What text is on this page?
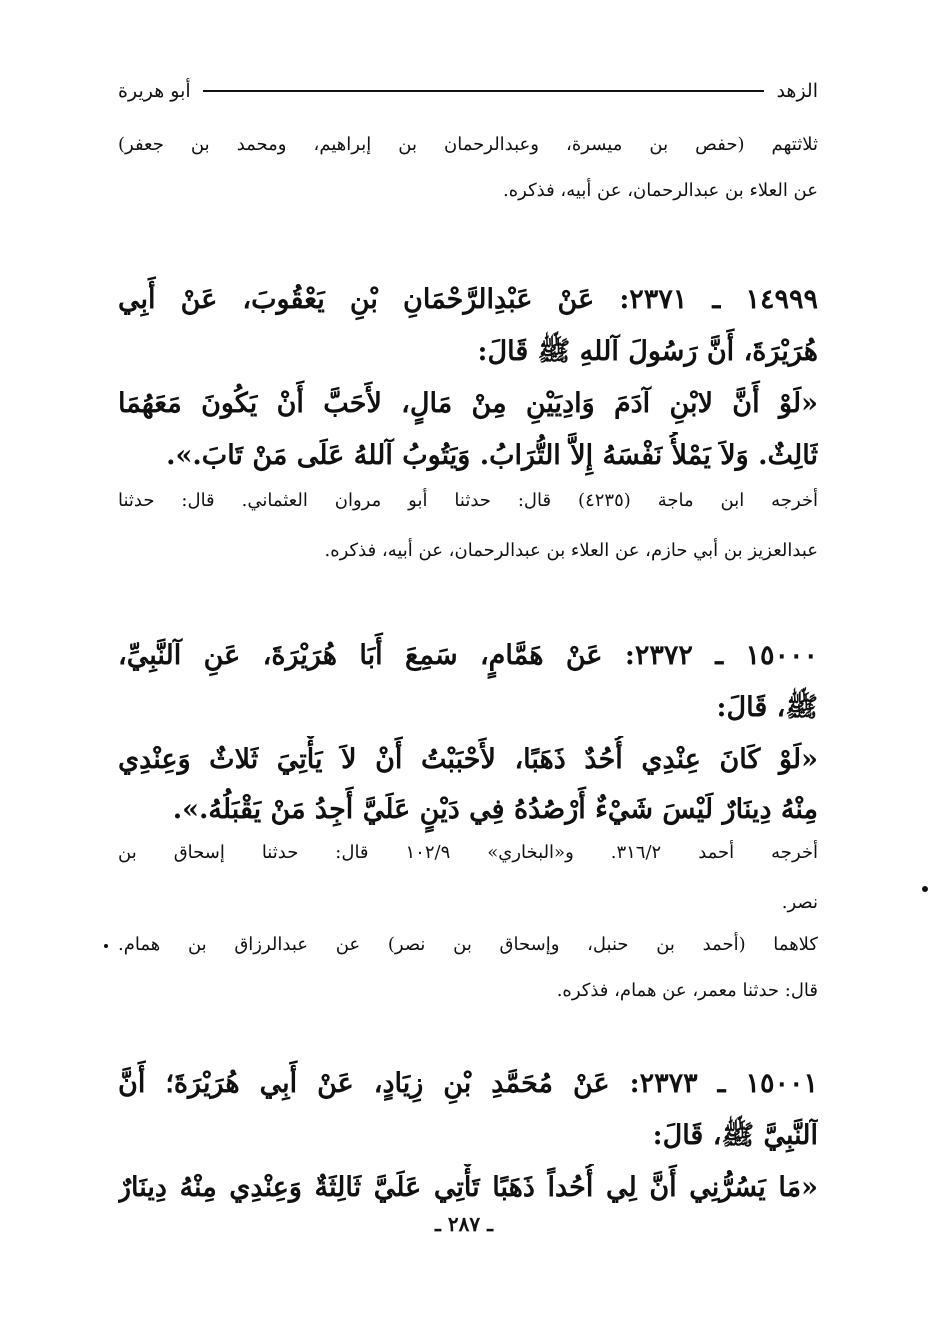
الزهد
أبو هريرة
ثلاثتهم (حفص بن ميسرة، وعبدالرحمان بن إبراهيم، ومحمد بن جعفر)
عن العلاء بن عبدالرحمان، عن أبيه، فذكره.
١٤٩٩٩ ـ ٢٣٧١: عَنْ عَبْدِالرَّحْمَانِ بْنِ يَعْقُوبَ، عَنْ أَبِي
هُرَيْرَةَ، أَنَّ رَسُولَ آللهِ ﷺ قَالَ:
«لَوْ أَنَّ لابْنِ آدَمَ وَادِيَيْنِ مِنْ مَالٍ، لأَحَبَّ أَنْ يَكُونَ مَعَهُمَا
ثَالِثٌ. وَلاَ يَمْلأُ نَفْسَهُ إِلاَّ التُّرَابُ. وَيَتُوبُ آللهُ عَلَى مَنْ تَابَ.».
أخرجه ابن ماجة (٤٢٣٥) قال: حدثنا أبو مروان العثماني. قال: حدثنا
عبدالعزيز بن أبي حازم، عن العلاء بن عبدالرحمان، عن أبيه، فذكره.
١٥٠٠٠ ـ ٢٣٧٢: عَنْ هَمَّامٍ، سَمِعَ أَبَا هُرَيْرَةَ، عَنِ آلنَّبِيِّ،
ﷺ، قَالَ:
«لَوْ كَانَ عِنْدِي أُحُدٌ ذَهَبًا، لأَحْبَبْتُ أَنْ لاَ يَأْتِيَ ثَلاثٌ وَعِنْدِي
مِنْهُ دِينَارٌ لَيْسَ شَيْءٌ أَرْصُدُهُ فِي دَيْنٍ عَلَيَّ أَجِدُ مَنْ يَقْبَلُهُ.».
أخرجه أحمد ٣١٦/٢. و«البخاري» ١٠٢/٩ قال: حدثنا إسحاق بن
نصر.
كلاهما (أحمد بن حنبل، وإسحاق بن نصر) عن عبدالرزاق بن همام.
قال: حدثنا معمر، عن همام، فذكره.
١٥٠٠١ ـ ٢٣٧٣: عَنْ مُحَمَّدِ بْنِ زِيَادٍ، عَنْ أَبِي هُرَيْرَةَ؛ أَنَّ
آلنَّبِيَّ ﷺ، قَالَ:
«مَا يَسُرُّنِي أَنَّ لِي أُحُداً ذَهَبًا تَأْتِي عَلَيَّ ثَالِثَةٌ وَعِنْدِي مِنْهُ دِينَارٌ
ـ ٢٨٧ ـ
